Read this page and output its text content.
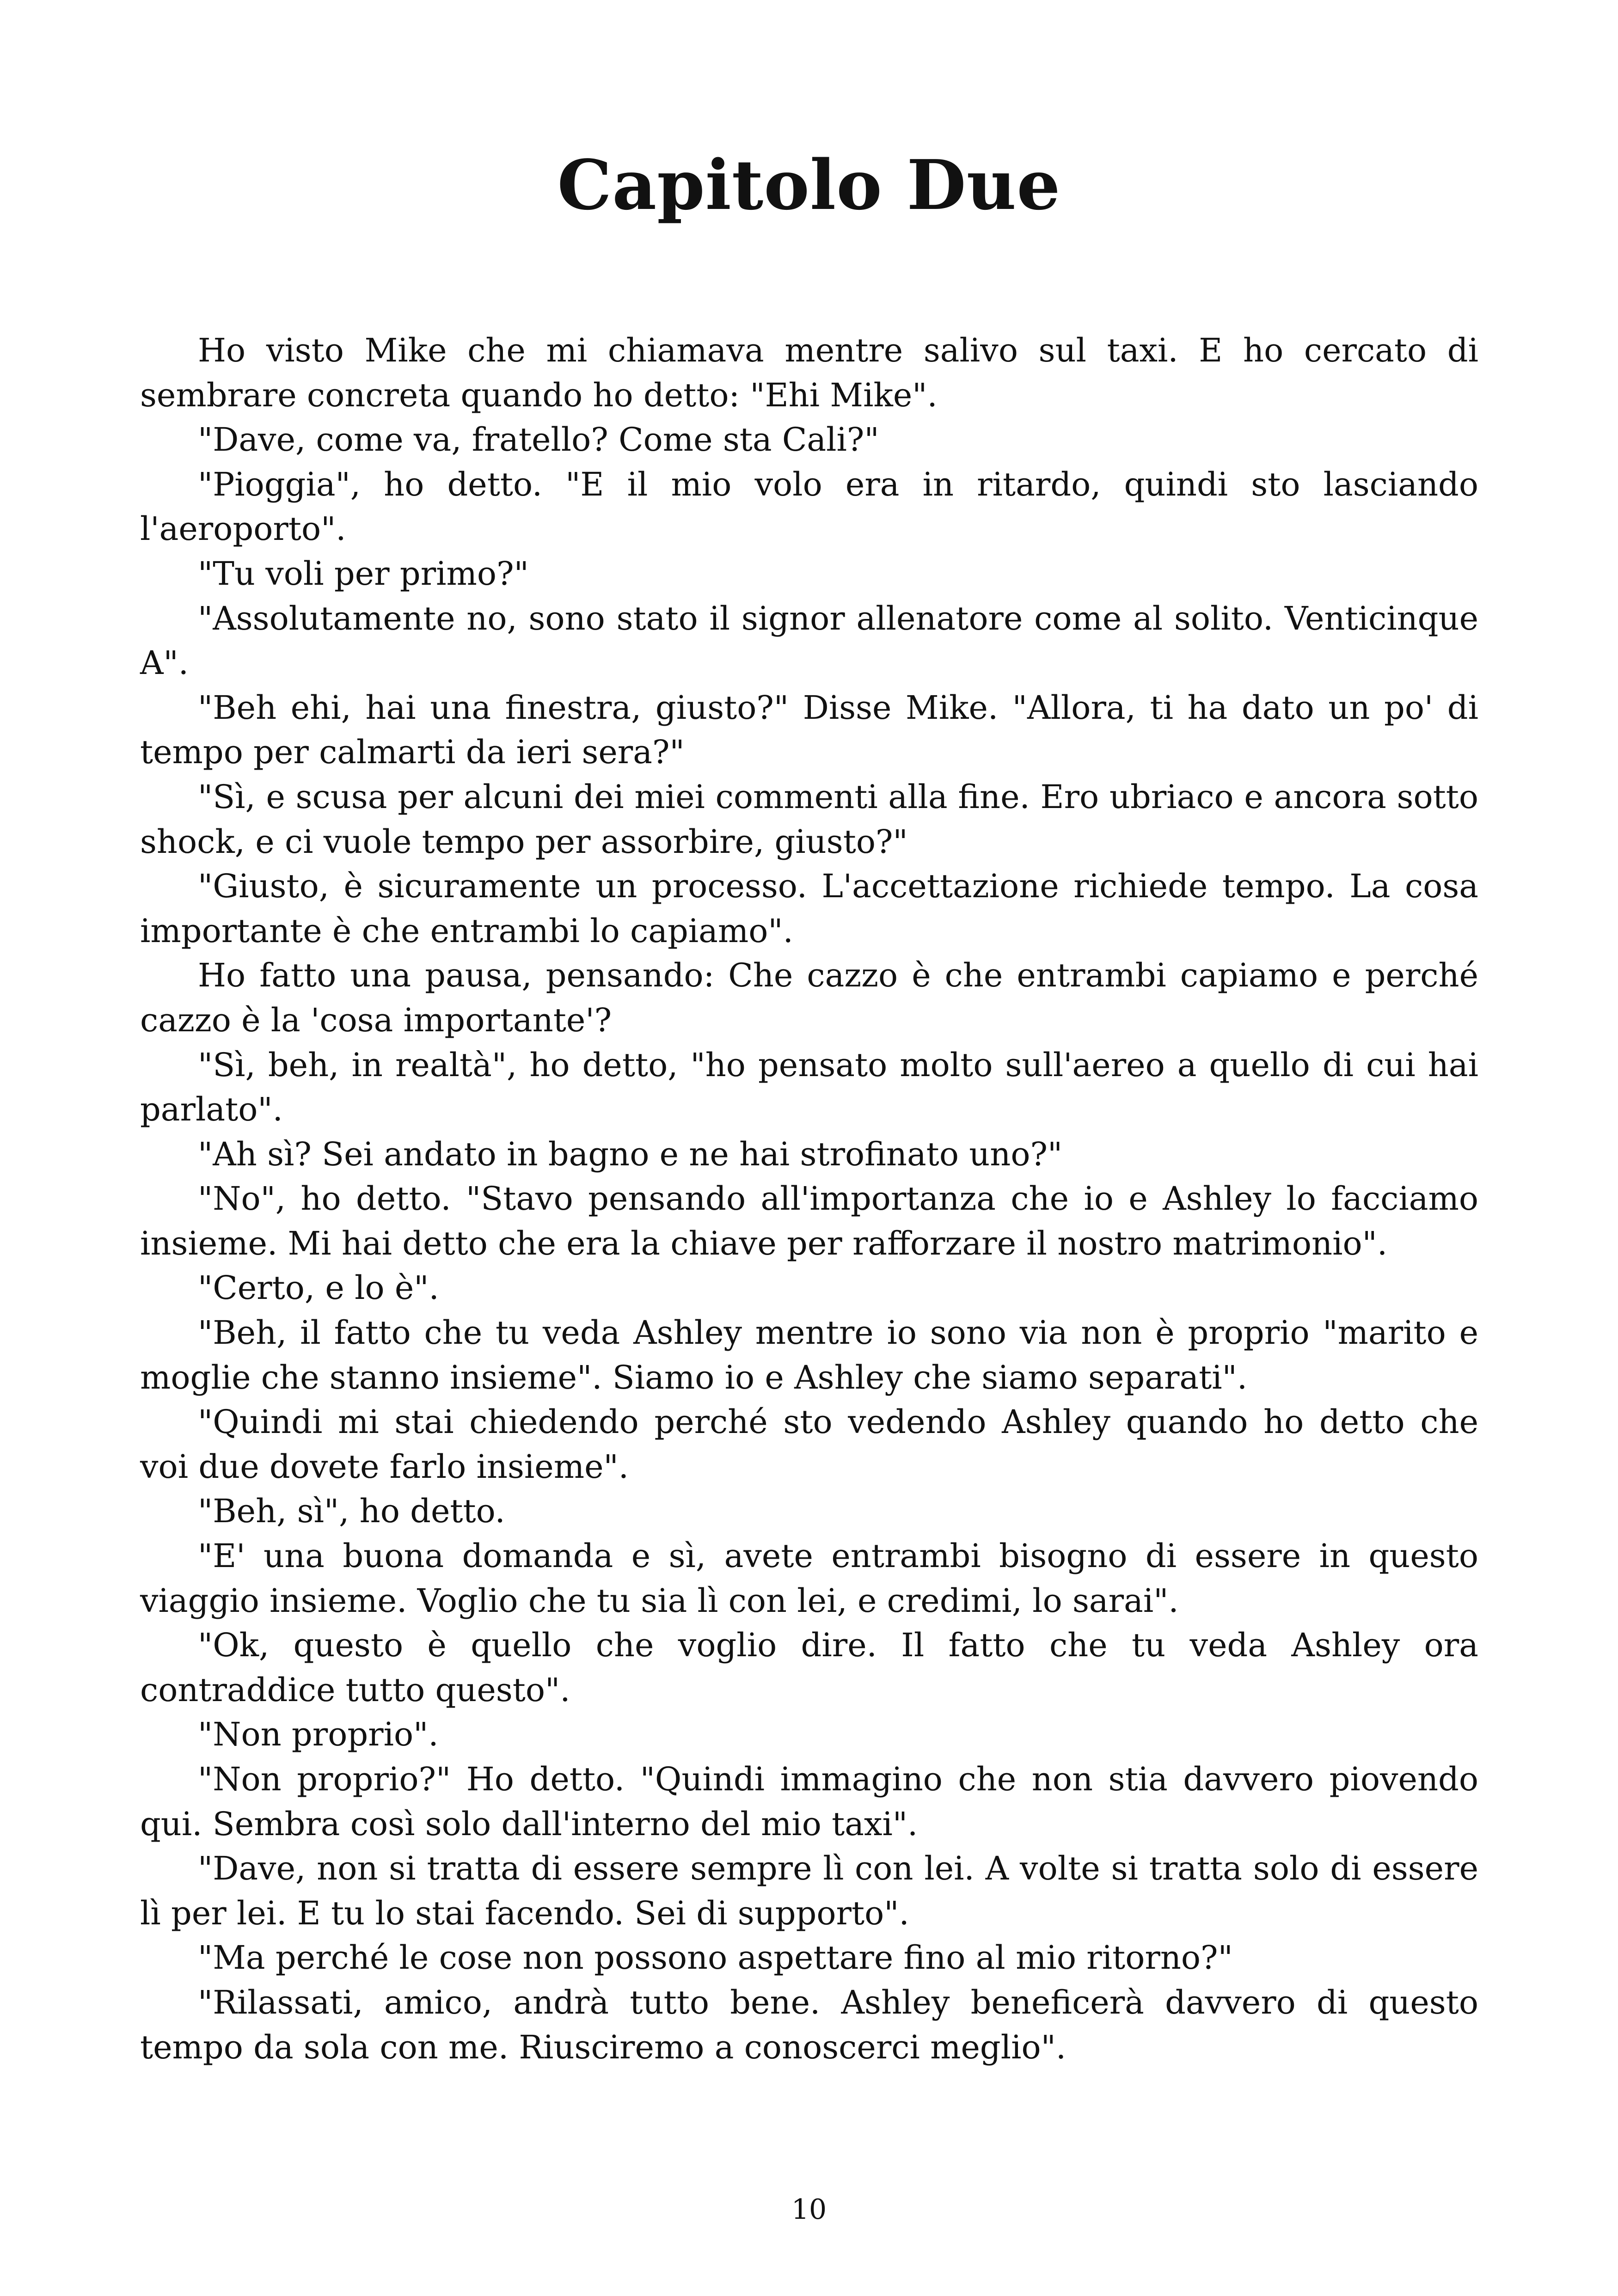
Capitolo Due

Ho visto Mike che mi chiamava mentre salivo sul taxi. E ho cercato di sembrare concreta quando ho detto: "Ehi Mike".

"Dave, come va, fratello? Come sta Cali?"

"Pioggia", ho detto. "E il mio volo era in ritardo, quindi sto lasciando l'aeroporto".

"Tu voli per primo?"

"Assolutamente no, sono stato il signor allenatore come al solito. Venticinque A".

"Beh ehi, hai una finestra, giusto?" Disse Mike. "Allora, ti ha dato un po' di tempo per calmarti da ieri sera?"

"Sì, e scusa per alcuni dei miei commenti alla fine. Ero ubriaco e ancora sotto shock, e ci vuole tempo per assorbire, giusto?"

"Giusto, è sicuramente un processo. L'accettazione richiede tempo. La cosa importante è che entrambi lo capiamo".

Ho fatto una pausa, pensando: Che cazzo è che entrambi capiamo e perché cazzo è la 'cosa importante'?

"Sì, beh, in realtà", ho detto, "ho pensato molto sull'aereo a quello di cui hai parlato".

"Ah sì? Sei andato in bagno e ne hai strofinato uno?"

"No", ho detto. "Stavo pensando all'importanza che io e Ashley lo facciamo insieme. Mi hai detto che era la chiave per rafforzare il nostro matrimonio".

"Certo, e lo è".

"Beh, il fatto che tu veda Ashley mentre io sono via non è proprio "marito e moglie che stanno insieme". Siamo io e Ashley che siamo separati".

"Quindi mi stai chiedendo perché sto vedendo Ashley quando ho detto che voi due dovete farlo insieme".

"Beh, sì", ho detto.

"E' una buona domanda e sì, avete entrambi bisogno di essere in questo viaggio insieme. Voglio che tu sia lì con lei, e credimi, lo sarai".

"Ok, questo è quello che voglio dire. Il fatto che tu veda Ashley ora contraddice tutto questo".

"Non proprio".

"Non proprio?" Ho detto. "Quindi immagino che non stia davvero piovendo qui. Sembra così solo dall'interno del mio taxi".

"Dave, non si tratta di essere sempre lì con lei. A volte si tratta solo di essere lì per lei. E tu lo stai facendo. Sei di supporto".

"Ma perché le cose non possono aspettare fino al mio ritorno?"

"Rilassati, amico, andrà tutto bene. Ashley beneficerà davvero di questo tempo da sola con me. Riusciremo a conoscerci meglio".

10
